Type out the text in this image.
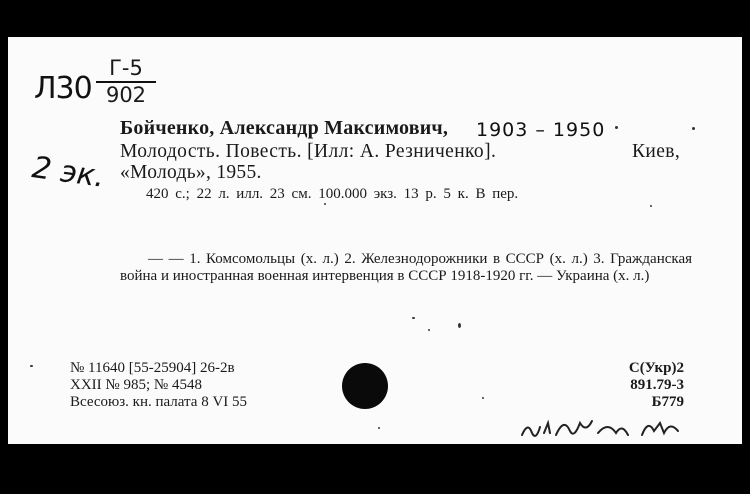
Л30
Г-5
902
2 эк.
Бойченко, Александр Максимович, 1903 – 1950
Молодость. Повесть. [Илл: А. Резниченко].	Киев,
«Молодь», 1955.
420 с.; 22 л. илл. 23 см. 100.000 экз. 13 р. 5 к. В пер.
— — 1. Комсомольцы (х. л.) 2. Железнодорожники в СССР (х. л.) 3. Гражданская война и иностранная военная интервенция в СССР 1918-1920 гг. — Украина (х. л.)
№ 11640 [55-25904] 26-2в
XXII № 985; № 4548
Всесоюз. кн. палата 8 VI 55
С(Укр)2
891.79-3
Б779
